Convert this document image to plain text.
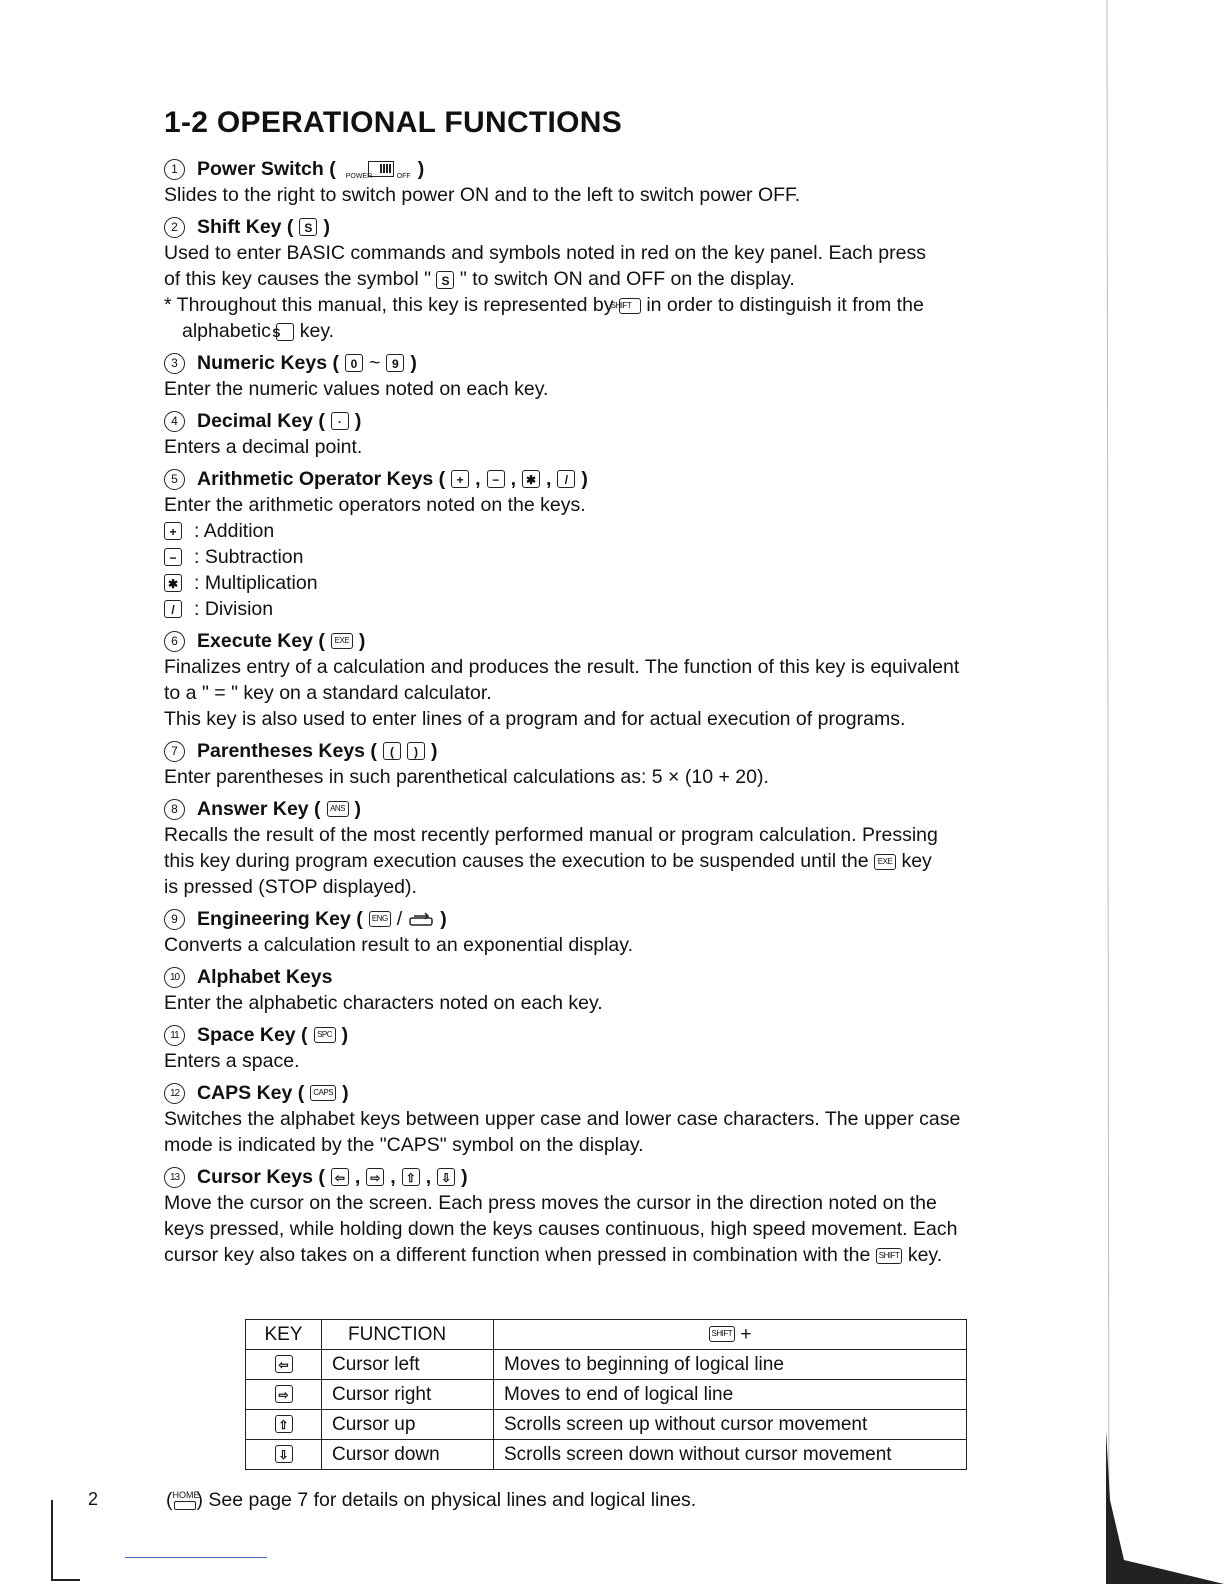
1-2 OPERATIONAL FUNCTIONS
1 Power Switch ( POWER	OFF )
Slides to the right to switch power ON and to the left to switch power OFF.
2 Shift Key ( S )
Used to enter BASIC commands and symbols noted in red on the key panel. Each press
of this key causes the symbol " S " to switch ON and OFF on the display.
* Throughout this manual, this key is represented by SHIFT in order to distinguish it from the
alphabetic S key.
3 Numeric Keys ( 0 ~ 9 )
Enter the numeric values noted on each key.
4 Decimal Key (	· )
Enters a decimal point.
5 Arithmetic Operator Keys ( + , − , ✱ ,	/ )
Enter the arithmetic operators noted on the keys.
+ : Addition
− : Subtraction
✱ : Multiplication
/ : Division
6 Execute Key (	EXE )
Finalizes entry of a calculation and produces the result. The function of this key is equivalent
to a " = " key on a standard calculator.
This key is also used to enter lines of a program and for actual execution of programs.
7 Parentheses Keys (	(	) )
Enter parentheses in such parenthetical calculations as: 5 × (10 + 20).
8 Answer Key (	ANS )
Recalls the result of the most recently performed manual or program calculation. Pressing
this key during program execution causes the execution to be suspended until the EXE key
is pressed (STOP displayed).
9 Engineering Key (	ENG / )
Converts a calculation result to an exponential display.
10 Alphabet Keys
Enter the alphabetic characters noted on each key.
11 Space Key (	SPC )
Enters a space.
12 CAPS Key (	CAPS )
Switches the alphabet keys between upper case and lower case characters. The upper case
mode is indicated by the "CAPS" symbol on the display.
13 Cursor Keys ( ⇦ , ⇨ , ⇧ , ⇩ )
Move the cursor on the screen. Each press moves the cursor in the direction noted on the
keys pressed, while holding down the keys causes continuous, high speed movement. Each
cursor key also takes on a different function when pressed in combination with the SHIFT key.
KEY	FUNCTION	SHIFT +
⇦	Cursor left	Moves to beginning of logical line
⇨	Cursor right	Moves to end of logical line
⇧	Cursor up	Scrolls screen up without cursor movement
⇩	Cursor down	Scrolls screen down without cursor movement
2	(HOME
) See page 7 for details on physical lines and logical lines.
